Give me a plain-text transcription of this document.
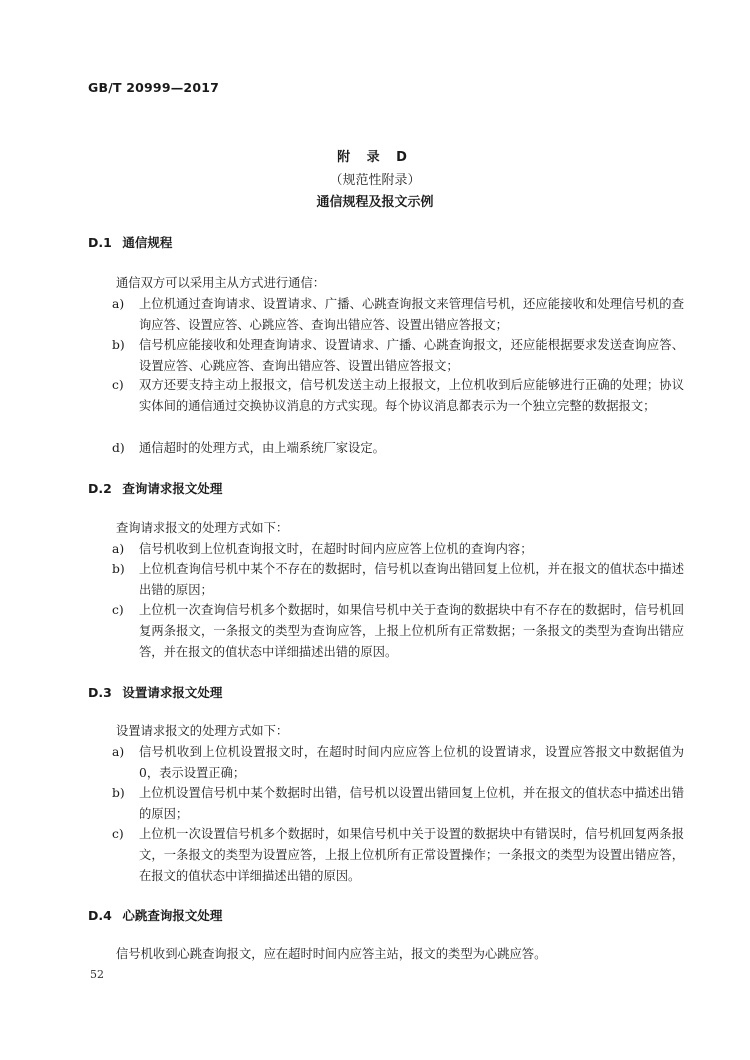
GB/T 20999—2017
附 录 D
（规范性附录）
通信规程及报文示例
D.1 通信规程
通信双方可以采用主从方式进行通信：
a)	上位机通过查询请求、设置请求、广播、心跳查询报文来管理信号机，还应能接收和处理信号机的查询应答、设置应答、心跳应答、查询出错应答、设置出错应答报文；
b)	信号机应能接收和处理查询请求、设置请求、广播、心跳查询报文，还应能根据要求发送查询应答、设置应答、心跳应答、查询出错应答、设置出错应答报文；
c)	双方还要支持主动上报报文，信号机发送主动上报报文，上位机收到后应能够进行正确的处理；协议实体间的通信通过交换协议消息的方式实现。每个协议消息都表示为一个独立完整的数据报文；
d)	通信超时的处理方式，由上端系统厂家设定。
D.2 查询请求报文处理
查询请求报文的处理方式如下：
a)	信号机收到上位机查询报文时，在超时时间内应应答上位机的查询内容；
b)	上位机查询信号机中某个不存在的数据时，信号机以查询出错回复上位机，并在报文的值状态中描述出错的原因；
c)	上位机一次查询信号机多个数据时，如果信号机中关于查询的数据块中有不存在的数据时，信号机回复两条报文，一条报文的类型为查询应答，上报上位机所有正常数据；一条报文的类型为查询出错应答，并在报文的值状态中详细描述出错的原因。
D.3 设置请求报文处理
设置请求报文的处理方式如下：
a)	信号机收到上位机设置报文时，在超时时间内应应答上位机的设置请求，设置应答报文中数据值为 0，表示设置正确；
b)	上位机设置信号机中某个数据时出错，信号机以设置出错回复上位机，并在报文的值状态中描述出错的原因；
c)	上位机一次设置信号机多个数据时，如果信号机中关于设置的数据块中有错误时，信号机回复两条报文，一条报文的类型为设置应答，上报上位机所有正常设置操作；一条报文的类型为设置出错应答，在报文的值状态中详细描述出错的原因。
D.4 心跳查询报文处理
信号机收到心跳查询报文，应在超时时间内应答主站，报文的类型为心跳应答。
52
